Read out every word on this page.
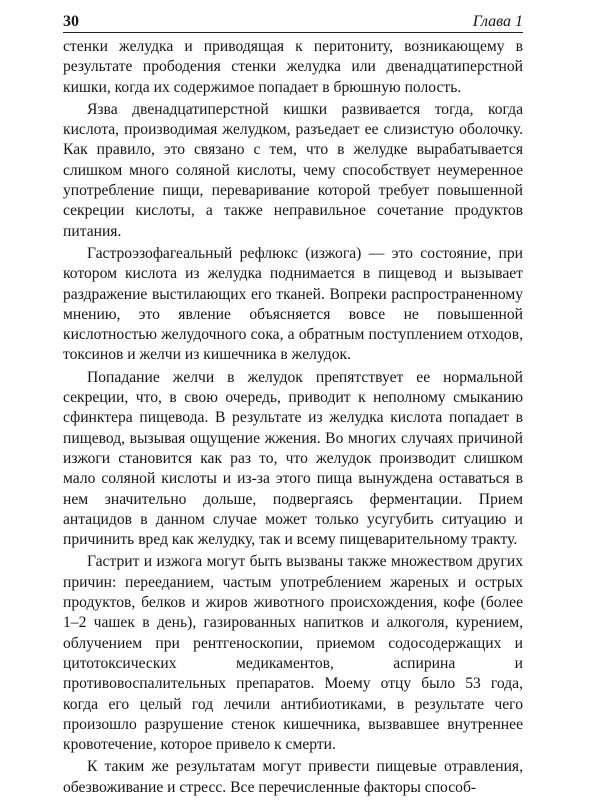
30	Глава 1

стенки желудка и приводящая к перитониту, возникающему в результате прободения стенки желудка или двенадцатиперстной кишки, когда их содержимое попадает в брюшную полость.

Язва двенадцатиперстной кишки развивается тогда, когда кислота, производимая желудком, разъедает ее слизистую оболочку. Как правило, это связано с тем, что в желудке вырабатывается слишком много соляной кислоты, чему способствует неумеренное употребление пищи, переваривание которой требует повышенной секреции кислоты, а также неправильное сочетание продуктов питания.

Гастроэзофагеальный рефлюкс (изжога) — это состояние, при котором кислота из желудка поднимается в пищевод и вызывает раздражение выстилающих его тканей. Вопреки распространенному мнению, это явление объясняется вовсе не повышенной кислотностью желудочного сока, а обратным поступлением отходов, токсинов и желчи из кишечника в желудок.

Попадание желчи в желудок препятствует ее нормальной секреции, что, в свою очередь, приводит к неполному смыканию сфинктера пищевода. В результате из желудка кислота попадает в пищевод, вызывая ощущение жжения. Во многих случаях причиной изжоги становится как раз то, что желудок производит слишком мало соляной кислоты и из-за этого пища вынуждена оставаться в нем значительно дольше, подвергаясь ферментации. Прием антацидов в данном случае может только усугубить ситуацию и причинить вред как желудку, так и всему пищеварительному тракту.

Гастрит и изжога могут быть вызваны также множеством других причин: перееданием, частым употреблением жареных и острых продуктов, белков и жиров животного происхождения, кофе (более 1–2 чашек в день), газированных напитков и алкоголя, курением, облучением при рентгеноскопии, приемом содосодержащих и цитотоксических медикаментов, аспирина и противовоспалительных препаратов. Моему отцу было 53 года, когда его целый год лечили антибиотиками, в результате чего произошло разрушение стенок кишечника, вызвавшее внутреннее кровотечение, которое привело к смерти.

К таким же результатам могут привести пищевые отравления, обезвоживание и стресс. Все перечисленные факторы способ-
